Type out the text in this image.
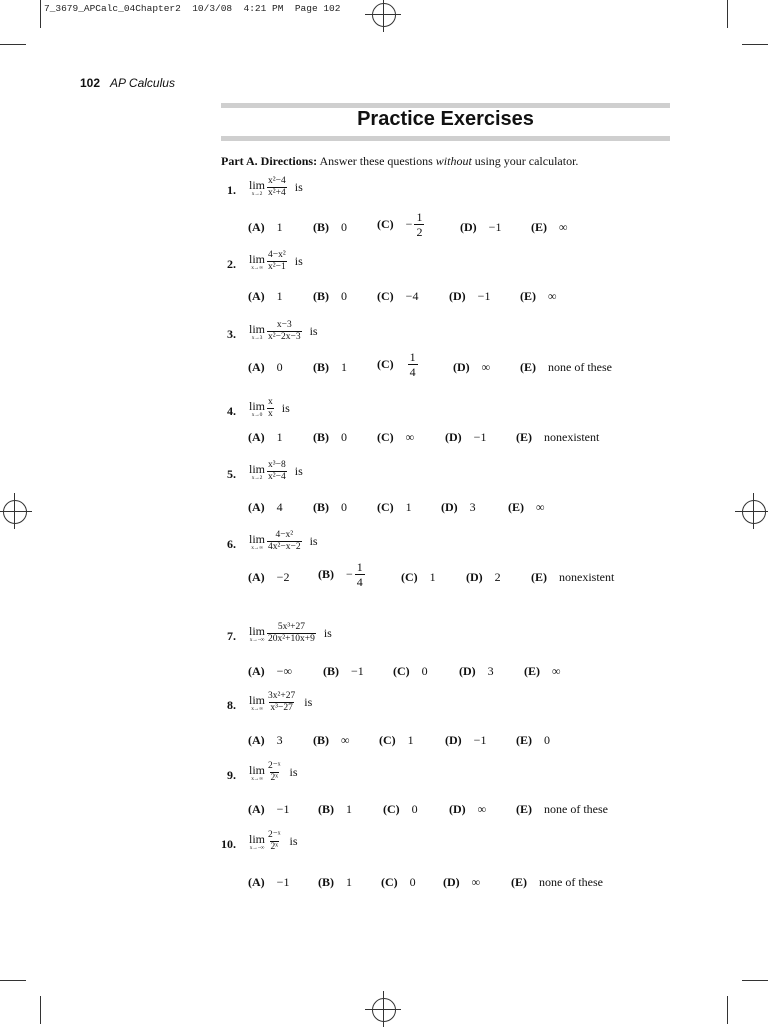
7_3679_APCalc_04Chapter2  10/3/08  4:21 PM  Page 102
102 AP Calculus
Practice Exercises
Part A. Directions: Answer these questions without using your calculator.
1. lim
$x\to 2 \frac{\text{x²−4}}{\text{x²+4}}$ is
(A) 1	(B) 0	$(C) - \frac{1}{2}$	(D) −1 (E) ∞
2. lim
$x\to\infty \frac{\text{4−x²}}{\text{x²−1}}$ is
(A) 1	(B) 0	(C) −4	(D) −1 (E) ∞
3. lim
$x\to 3 \frac{x-3}{\text{x²−2x−3}}$ is
(A) 0	(B) 1	$(C) \frac{1}{4}$	(D) ∞ (E) none of these
4. lim
$x\to 0 \frac{x}{x}$ is
(A) 1	(B) 0	(C) ∞	(D) −1 (E) nonexistent
5. lim
$x\to 2 \frac{\text{x³−8}}{\text{x²−4}}$ is
(A) 4	(B) 0	(C) 1 (D) 3	(E) ∞
6. lim
$x\to\infty \frac{\text{4−x²}}{\text{4x²−x−2}}$ is
(A) −2 $(B) - \frac{1}{4}$	(C) 1	(D) 2	(E) nonexistent
7. lim
$x\to-\infty \frac{\text{5x³+27}}{\text{20x²+10x+9}}$ is
(A) −∞	(B) −1 (C) 0	(D) 3	(E) ∞
8. lim
$x\to\infty \frac{\text{3x²+27}}{\text{x³−27}}$ is
(A) 3	(B) ∞ (C) 1	(D) −1 (E) 0
9. lim
$x\to\infty \frac{\text{2⁻ˣ}}{\text{2ˣ}}$ is
(A) −1 (B) 1	(C) 0	(D) ∞ (E) none of these
10. lim
$x\to-\infty \frac{\text{2⁻ˣ}}{\text{2ˣ}}$ is
(A) −1 (B) 1 (C) 0 (D) ∞	(E) none of these
